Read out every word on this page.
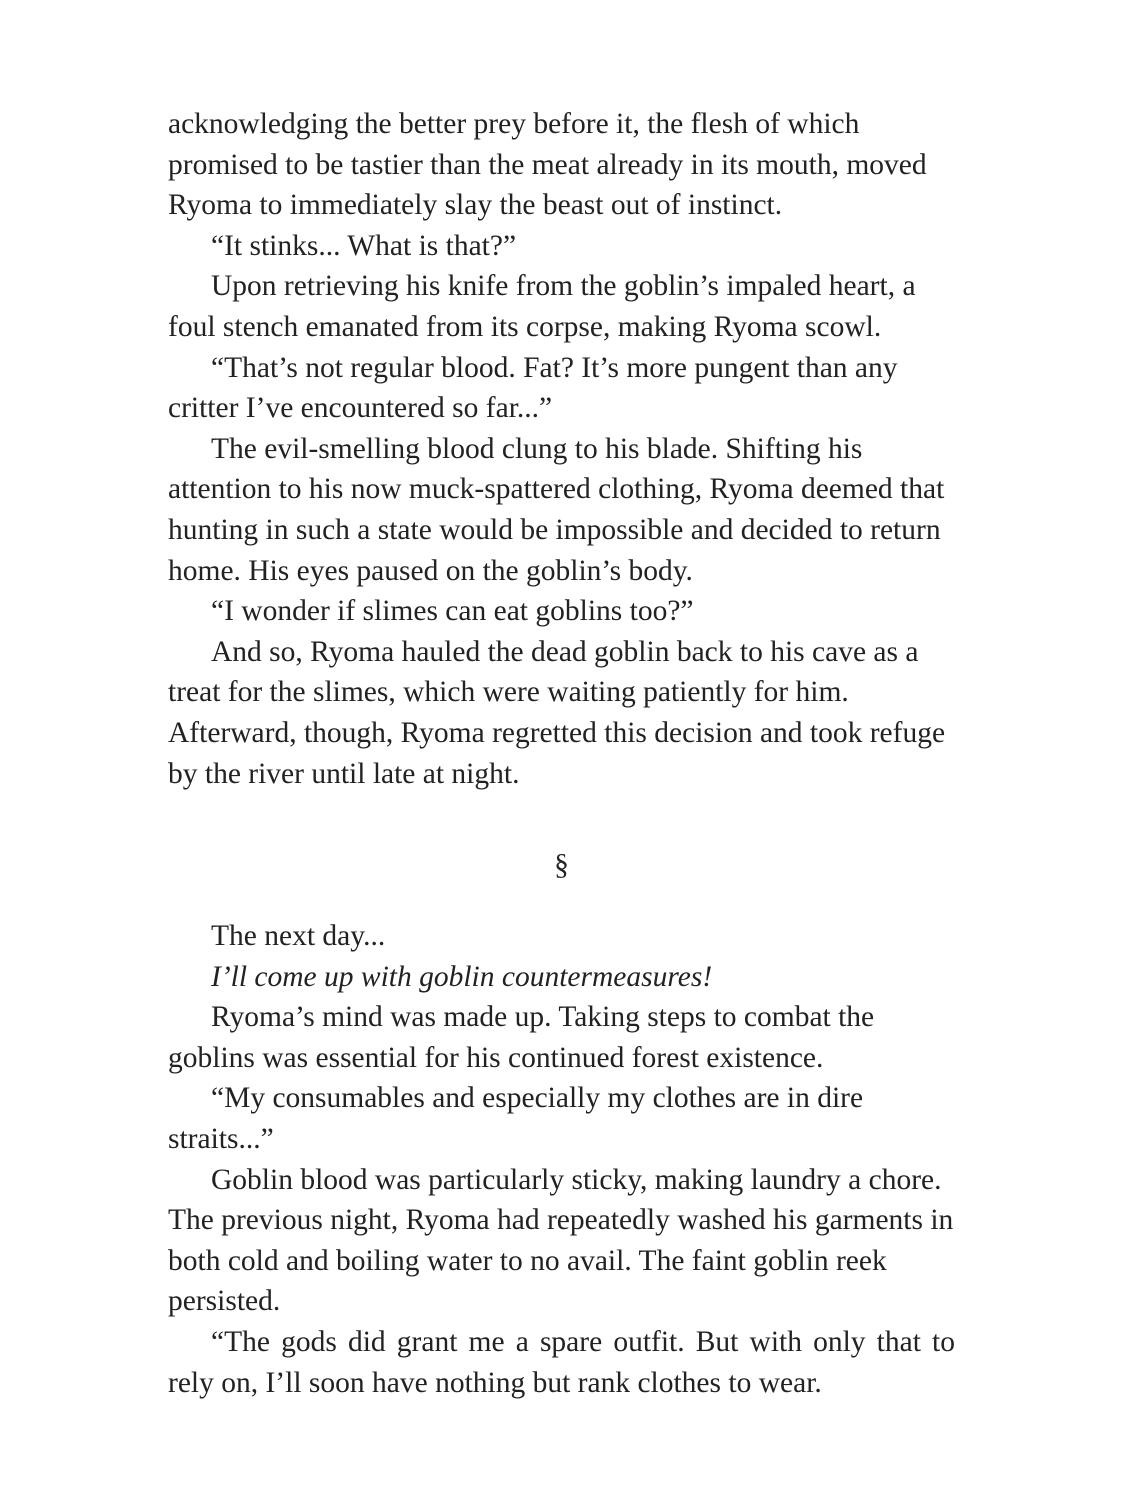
acknowledging the better prey before it, the flesh of which promised to be tastier than the meat already in its mouth, moved Ryoma to immediately slay the beast out of instinct.

“It stinks... What is that?”

Upon retrieving his knife from the goblin’s impaled heart, a foul stench emanated from its corpse, making Ryoma scowl.

“That’s not regular blood. Fat? It’s more pungent than any critter I’ve encountered so far...”

The evil-smelling blood clung to his blade. Shifting his attention to his now muck-spattered clothing, Ryoma deemed that hunting in such a state would be impossible and decided to return home. His eyes paused on the goblin’s body.

“I wonder if slimes can eat goblins too?”

And so, Ryoma hauled the dead goblin back to his cave as a treat for the slimes, which were waiting patiently for him. Afterward, though, Ryoma regretted this decision and took refuge by the river until late at night.

§

The next day...

I’ll come up with goblin countermeasures!

Ryoma’s mind was made up. Taking steps to combat the goblins was essential for his continued forest existence.

“My consumables and especially my clothes are in dire straits...”

Goblin blood was particularly sticky, making laundry a chore. The previous night, Ryoma had repeatedly washed his garments in both cold and boiling water to no avail. The faint goblin reek persisted.

“The gods did grant me a spare outfit. But with only that to rely on, I’ll soon have nothing but rank clothes to wear.
